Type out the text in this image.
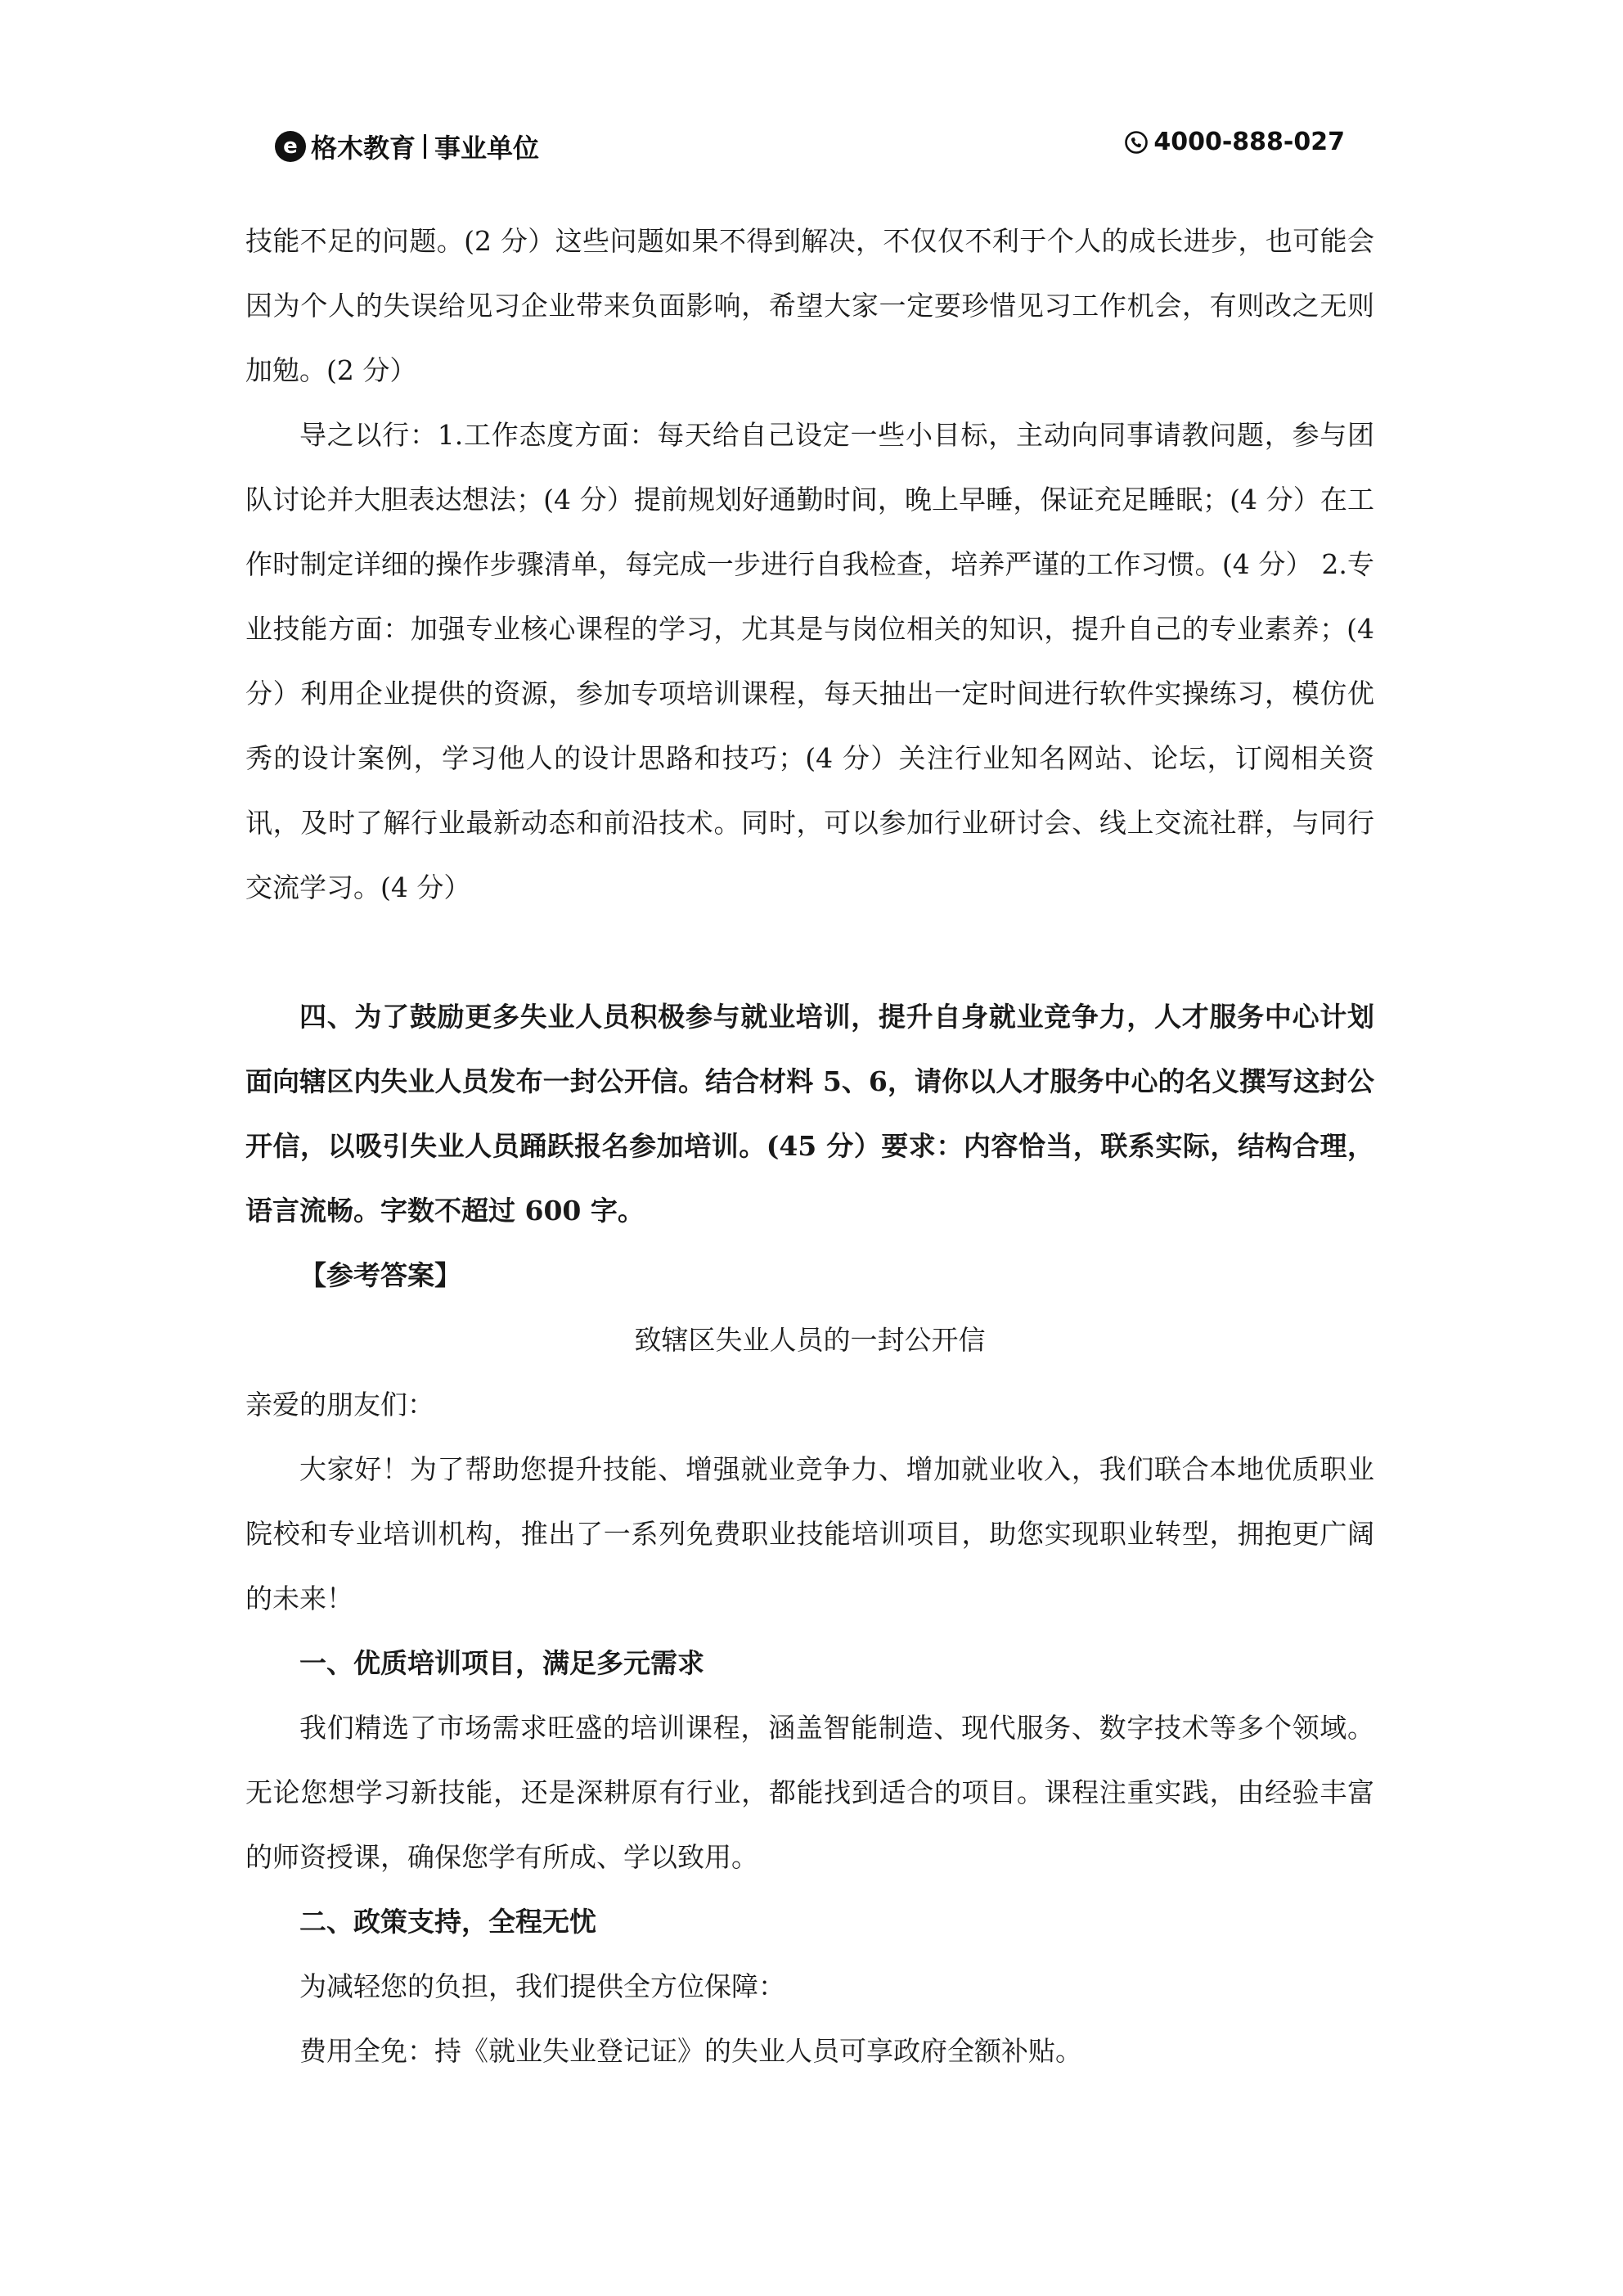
e 格木教育 事业单位	4000-888-027

技能不足的问题。(2 分）这些问题如果不得到解决，不仅仅不利于个人的成长进步，也可能会因为个人的失误给见习企业带来负面影响，希望大家一定要珍惜见习工作机会，有则改之无则加勉。(2 分）

导之以行：1.工作态度方面：每天给自己设定一些小目标，主动向同事请教问题，参与团队讨论并大胆表达想法；(4 分）提前规划好通勤时间，晚上早睡，保证充足睡眠；(4 分）在工作时制定详细的操作步骤清单，每完成一步进行自我检查，培养严谨的工作习惯。(4 分） 2.专业技能方面：加强专业核心课程的学习，尤其是与岗位相关的知识，提升自己的专业素养；(4 分）利用企业提供的资源，参加专项培训课程，每天抽出一定时间进行软件实操练习，模仿优秀的设计案例，学习他人的设计思路和技巧；(4 分）关注行业知名网站、论坛，订阅相关资讯，及时了解行业最新动态和前沿技术。同时，可以参加行业研讨会、线上交流社群，与同行交流学习。(4 分）

四、为了鼓励更多失业人员积极参与就业培训，提升自身就业竞争力，人才服务中心计划面向辖区内失业人员发布一封公开信。结合材料 5、6，请你以人才服务中心的名义撰写这封公开信，以吸引失业人员踊跃报名参加培训。(45 分）要求：内容恰当，联系实际，结构合理，语言流畅。字数不超过 600 字。

【参考答案】

致辖区失业人员的一封公开信

亲爱的朋友们：

大家好！为了帮助您提升技能、增强就业竞争力、增加就业收入，我们联合本地优质职业院校和专业培训机构，推出了一系列免费职业技能培训项目，助您实现职业转型，拥抱更广阔的未来！

一、优质培训项目，满足多元需求

我们精选了市场需求旺盛的培训课程，涵盖智能制造、现代服务、数字技术等多个领域。无论您想学习新技能，还是深耕原有行业，都能找到适合的项目。课程注重实践，由经验丰富的师资授课，确保您学有所成、学以致用。

二、政策支持，全程无忧

为减轻您的负担，我们提供全方位保障：

费用全免：持《就业失业登记证》的失业人员可享政府全额补贴。
